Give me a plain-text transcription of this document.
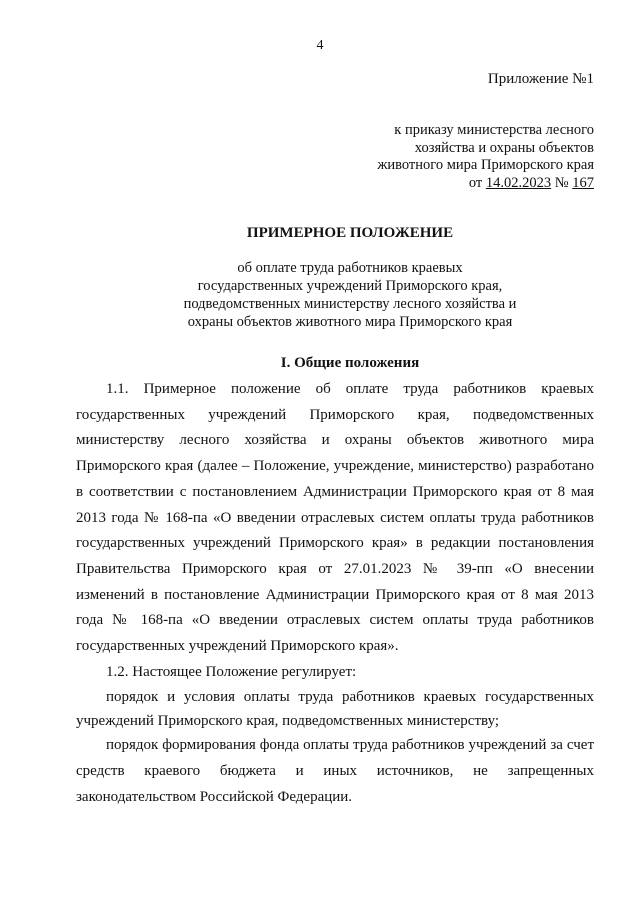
4
Приложение №1
к приказу министерства лесного
хозяйства и охраны объектов
животного мира Приморского края
от 14.02.2023 № 167
ПРИМЕРНОЕ ПОЛОЖЕНИЕ
об оплате труда работников краевых
государственных учреждений Приморского края,
подведомственных министерству лесного хозяйства и
охраны объектов животного мира Приморского края
I. Общие положения

1.1. Примерное положение об оплате труда работников краевых государственных учреждений Приморского края, подведомственных министерству лесного хозяйства и охраны объектов животного мира Приморского края (далее – Положение, учреждение, министерство) разработано в соответствии с постановлением Администрации Приморского края от 8 мая 2013 года № 168-па «О введении отраслевых систем оплаты труда работников государственных учреждений Приморского края» в редакции постановления Правительства Приморского края от 27.01.2023 № 39-пп «О внесении изменений в постановление Администрации Приморского края от 8 мая 2013 года № 168-па «О введении отраслевых систем оплаты труда работников государственных учреждений Приморского края».

1.2. Настоящее Положение регулирует:

порядок и условия оплаты труда работников краевых государственных учреждений Приморского края, подведомственных министерству;

порядок формирования фонда оплаты труда работников учреждений за счет средств краевого бюджета и иных источников, не запрещенных законодательством Российской Федерации.
